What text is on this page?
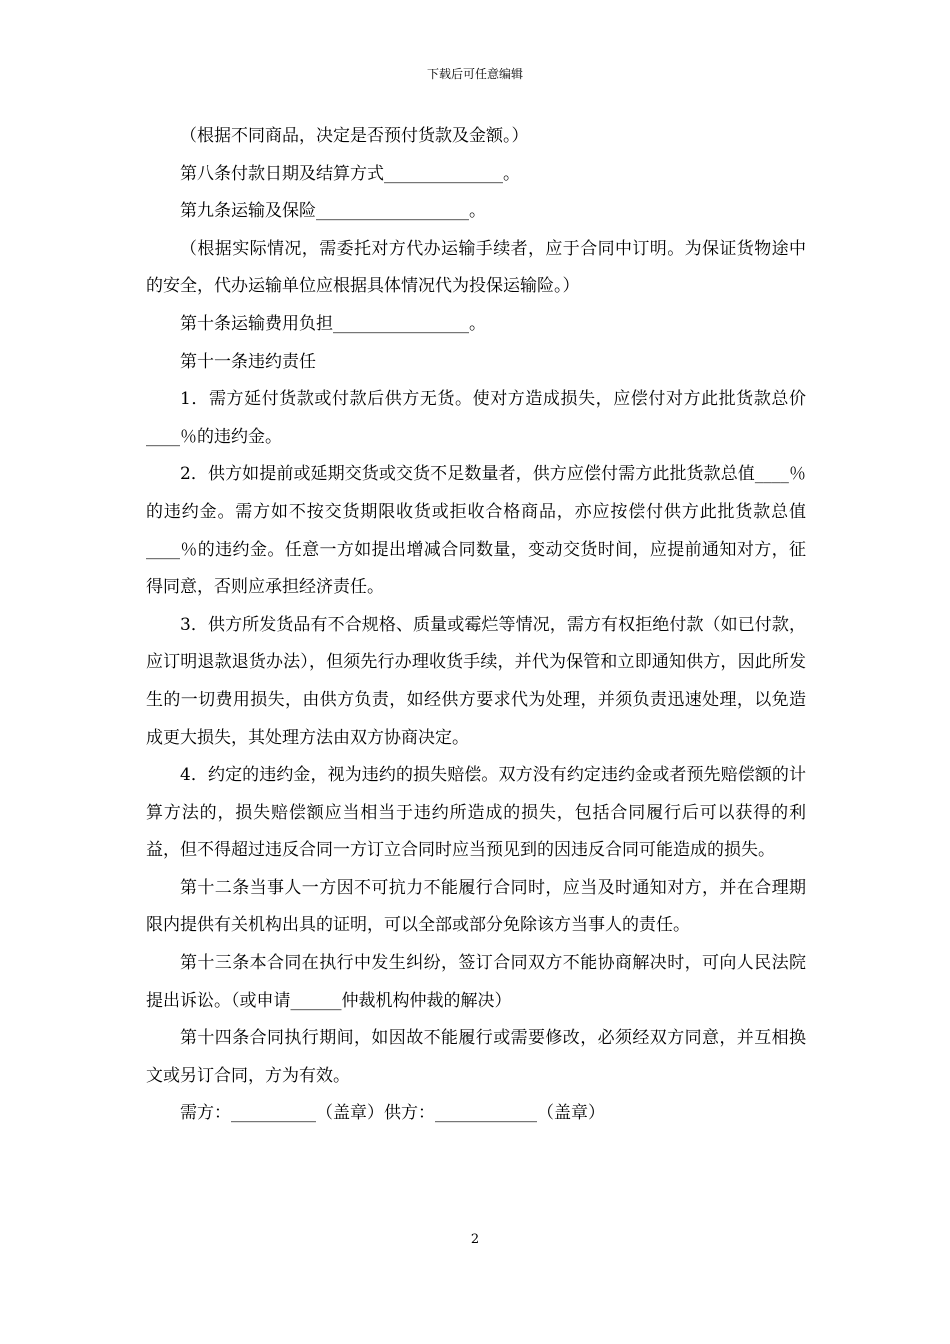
下载后可任意编辑

（根据不同商品，决定是否预付货款及金额。）

第八条付款日期及结算方式______________。

第九条运输及保险__________________。

（根据实际情况，需委托对方代办运输手续者，应于合同中订明。为保证货物途中的安全，代办运输单位应根据具体情况代为投保运输险。）

第十条运输费用负担________________。

第十一条违约责任

1．需方延付货款或付款后供方无货。使对方造成损失，应偿付对方此批货款总价____％的违约金。

2．供方如提前或延期交货或交货不足数量者，供方应偿付需方此批货款总值____％的违约金。需方如不按交货期限收货或拒收合格商品，亦应按偿付供方此批货款总值____％的违约金。任意一方如提出增减合同数量，变动交货时间，应提前通知对方，征得同意，否则应承担经济责任。

3．供方所发货品有不合规格、质量或霉烂等情况，需方有权拒绝付款（如已付款，应订明退款退货办法），但须先行办理收货手续，并代为保管和立即通知供方，因此所发生的一切费用损失，由供方负责，如经供方要求代为处理，并须负责迅速处理，以免造成更大损失，其处理方法由双方协商决定。

4．约定的违约金，视为违约的损失赔偿。双方没有约定违约金或者预先赔偿额的计算方法的，损失赔偿额应当相当于违约所造成的损失，包括合同履行后可以获得的利益，但不得超过违反合同一方订立合同时应当预见到的因违反合同可能造成的损失。

第十二条当事人一方因不可抗力不能履行合同时，应当及时通知对方，并在合理期限内提供有关机构出具的证明，可以全部或部分免除该方当事人的责任。

第十三条本合同在执行中发生纠纷，签订合同双方不能协商解决时，可向人民法院提出诉讼。（或申请______仲裁机构仲裁的解决）

第十四条合同执行期间，如因故不能履行或需要修改，必须经双方同意，并互相换文或另订合同，方为有效。

需方：__________（盖章）供方：____________（盖章）

2
